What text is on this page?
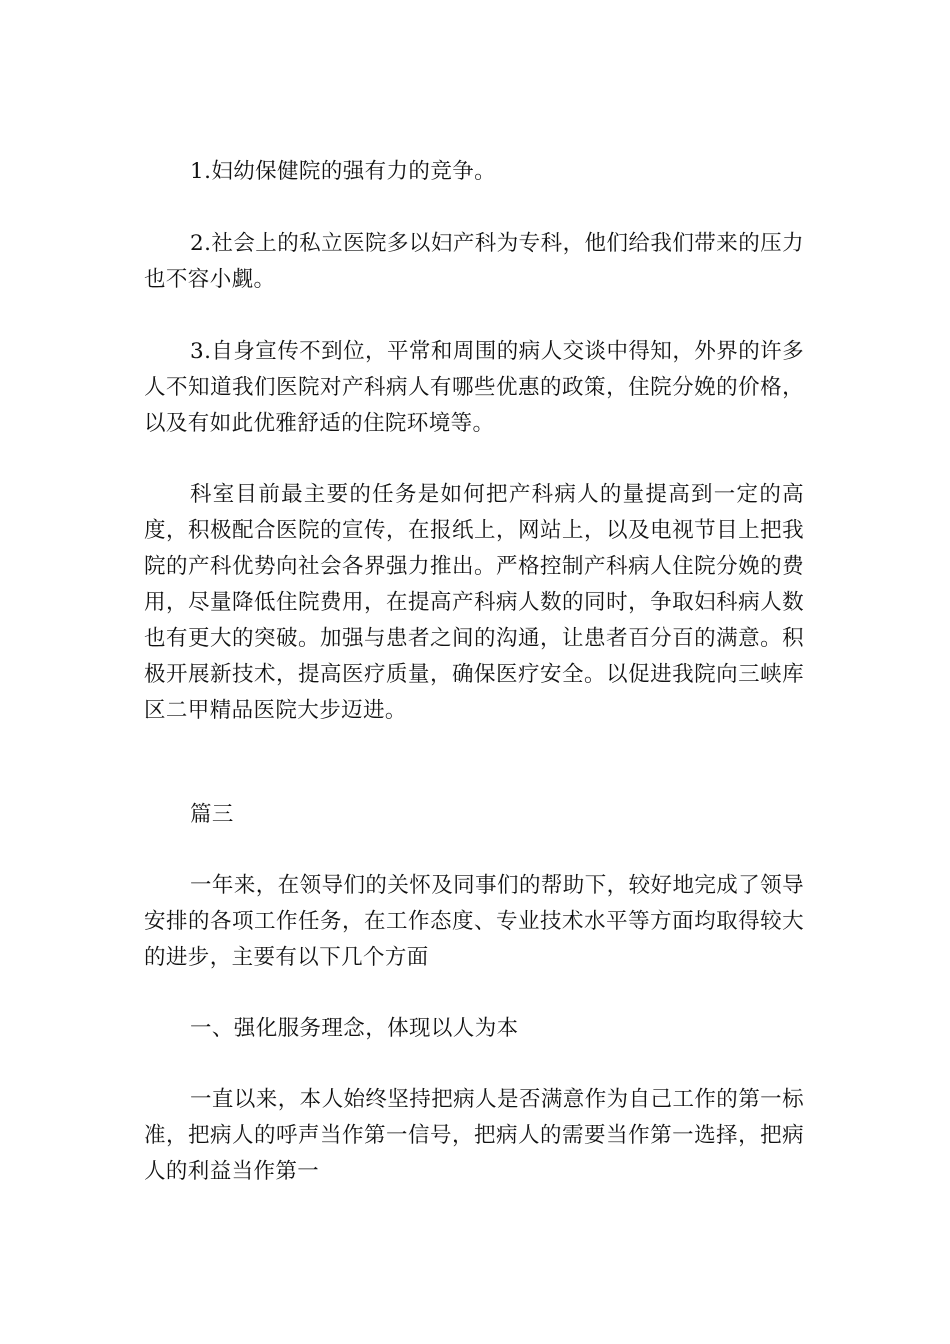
1.妇幼保健院的强有力的竞争。

2.社会上的私立医院多以妇产科为专科，他们给我们带来的压力也不容小觑。

3.自身宣传不到位，平常和周围的病人交谈中得知，外界的许多人不知道我们医院对产科病人有哪些优惠的政策，住院分娩的价格，以及有如此优雅舒适的住院环境等。

科室目前最主要的任务是如何把产科病人的量提高到一定的高度，积极配合医院的宣传，在报纸上，网站上，以及电视节目上把我院的产科优势向社会各界强力推出。严格控制产科病人住院分娩的费用，尽量降低住院费用，在提高产科病人数的同时，争取妇科病人数也有更大的突破。加强与患者之间的沟通，让患者百分百的满意。积极开展新技术，提高医疗质量，确保医疗安全。以促进我院向三峡库区二甲精品医院大步迈进。

篇三

一年来，在领导们的关怀及同事们的帮助下，较好地完成了领导安排的各项工作任务，在工作态度、专业技术水平等方面均取得较大的进步，主要有以下几个方面

一、强化服务理念，体现以人为本

一直以来，本人始终坚持把病人是否满意作为自己工作的第一标准，把病人的呼声当作第一信号，把病人的需要当作第一选择，把病人的利益当作第一
